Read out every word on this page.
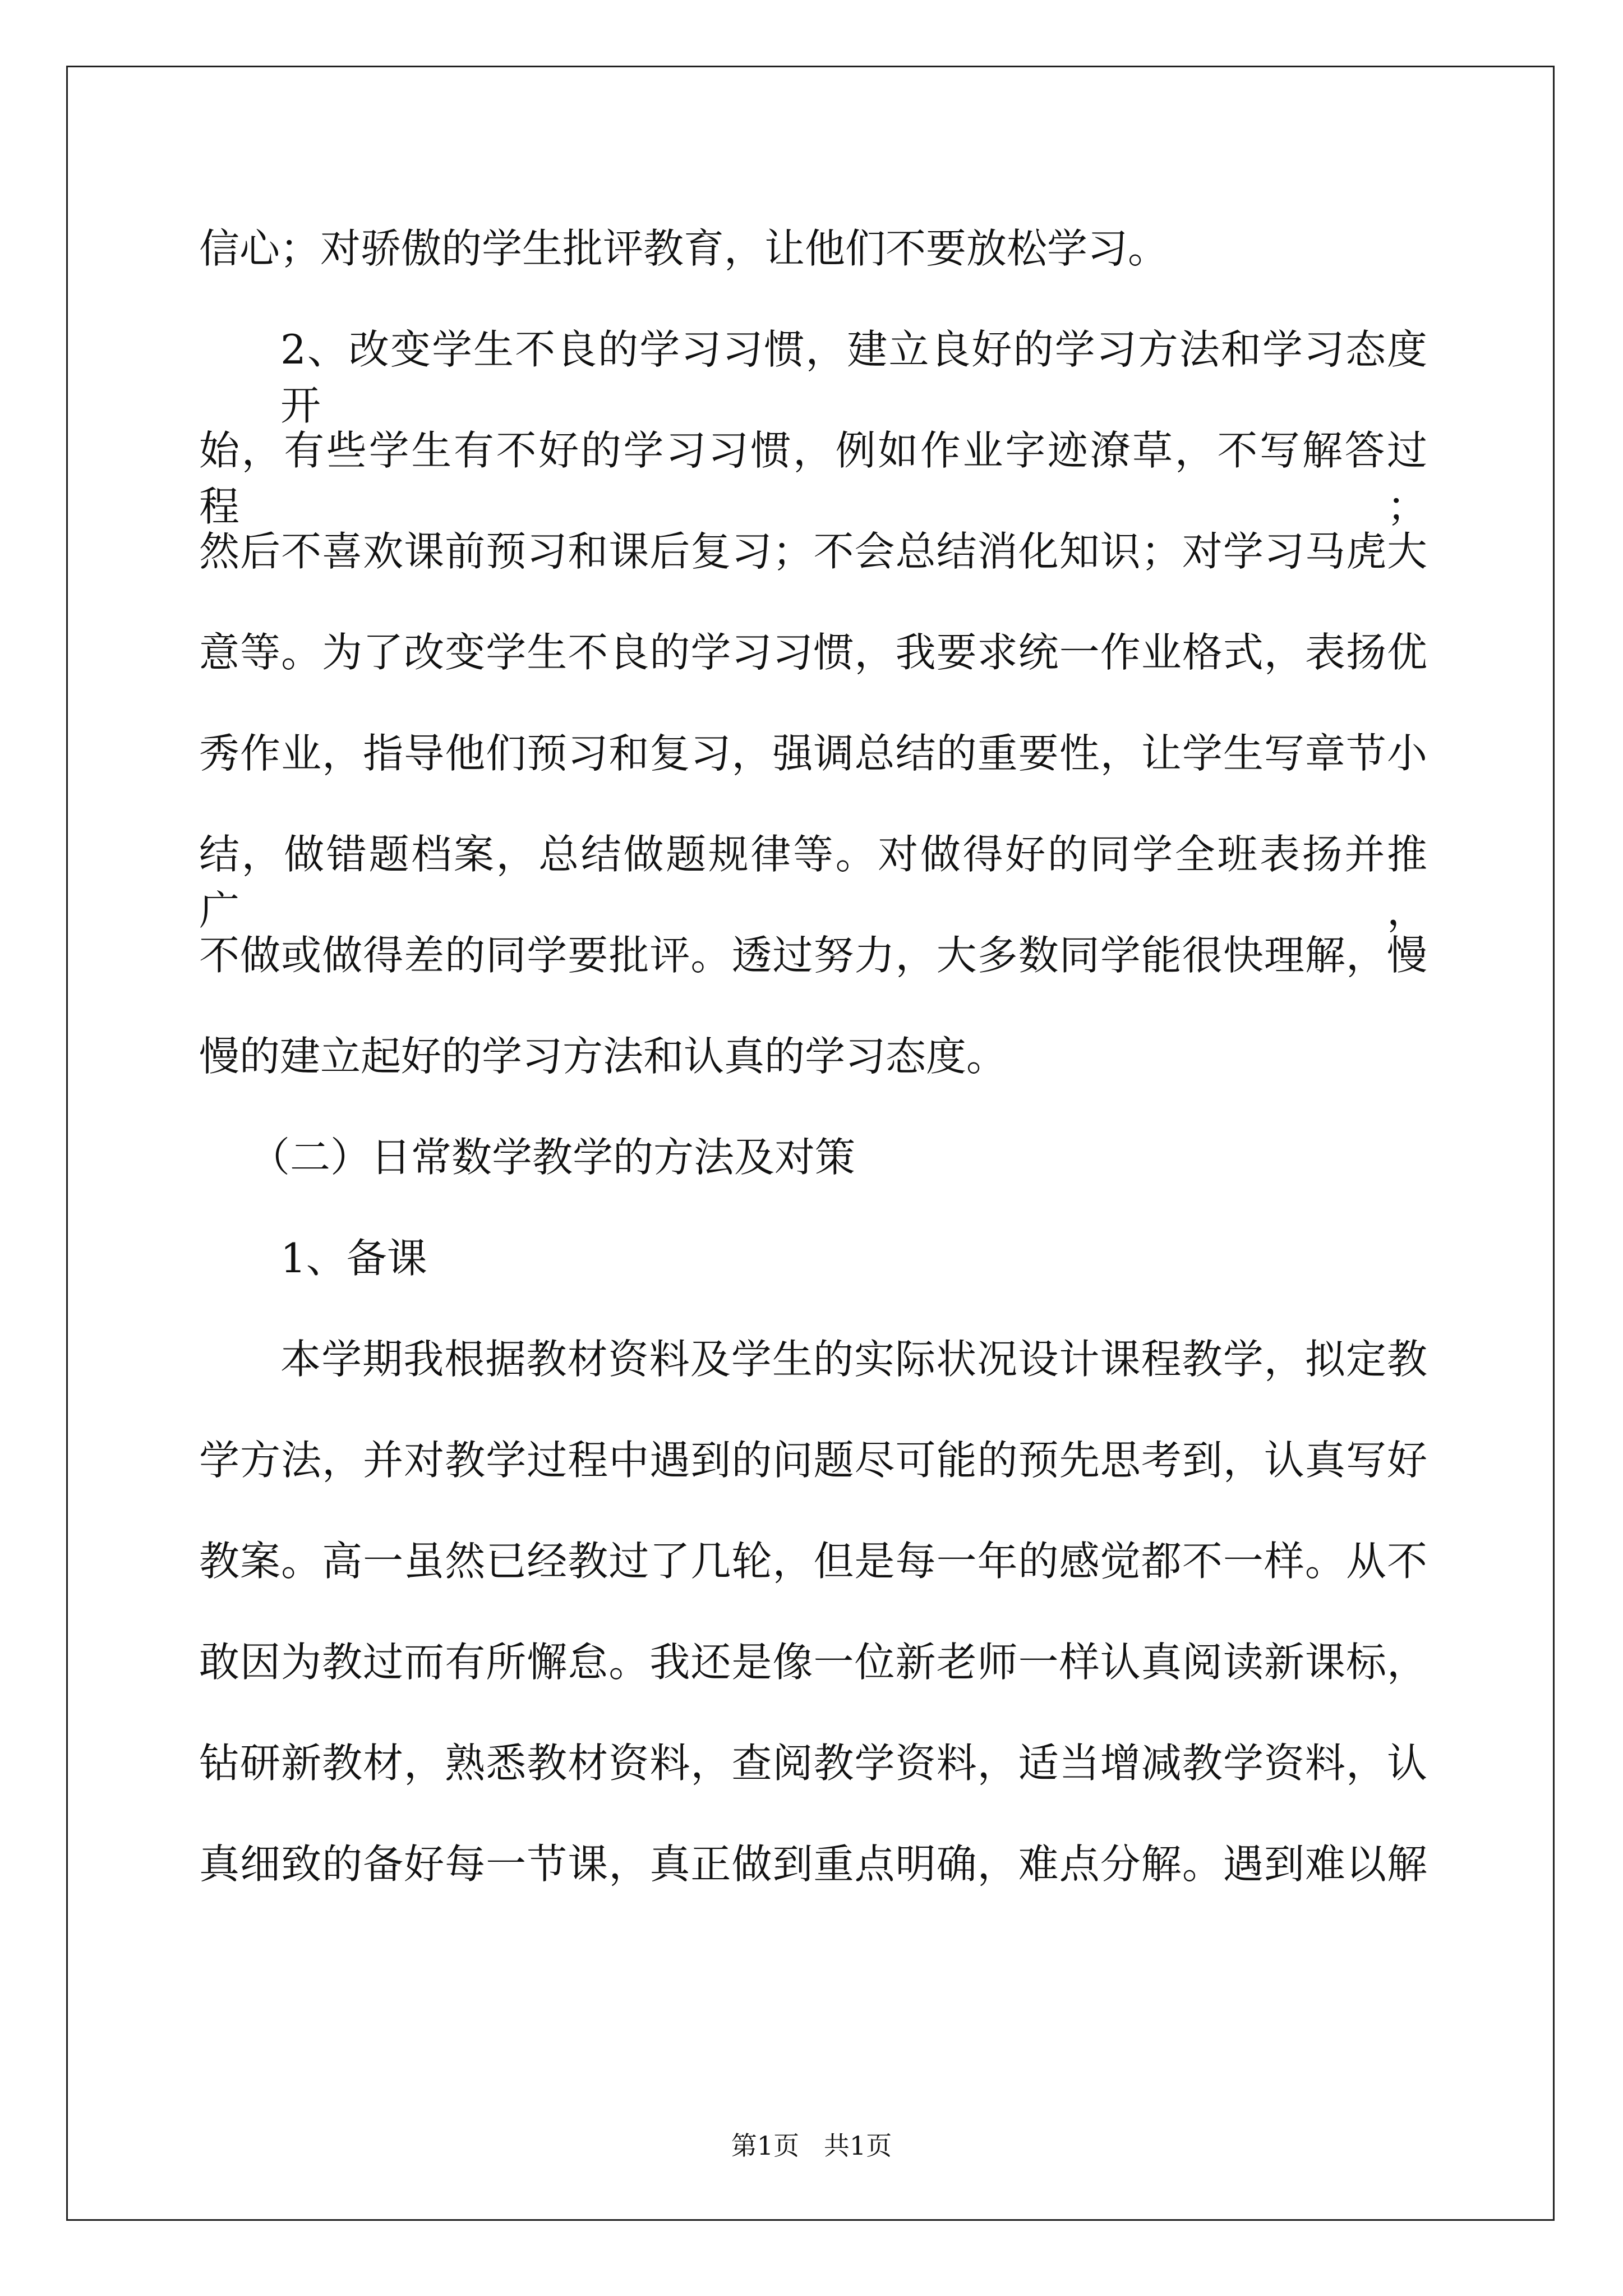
信心；对骄傲的学生批评教育，让他们不要放松学习。
2、改变学生不良的学习习惯，建立良好的学习方法和学习态度开
始，有些学生有不好的学习习惯，例如作业字迹潦草，不写解答过程；
然后不喜欢课前预习和课后复习；不会总结消化知识；对学习马虎大
意等。为了改变学生不良的学习习惯，我要求统一作业格式，表扬优
秀作业，指导他们预习和复习，强调总结的重要性，让学生写章节小
结，做错题档案，总结做题规律等。对做得好的同学全班表扬并推广，
不做或做得差的同学要批评。透过努力，大多数同学能很快理解，慢
慢的建立起好的学习方法和认真的学习态度。
（二）日常数学教学的方法及对策
1、备课
本学期我根据教材资料及学生的实际状况设计课程教学，拟定教
学方法，并对教学过程中遇到的问题尽可能的预先思考到，认真写好
教案。高一虽然已经教过了几轮，但是每一年的感觉都不一样。从不
敢因为教过而有所懈怠。我还是像一位新老师一样认真阅读新课标，
钻研新教材，熟悉教材资料，查阅教学资料，适当增减教学资料，认
真细致的备好每一节课，真正做到重点明确，难点分解。遇到难以解
第1页   共1页
